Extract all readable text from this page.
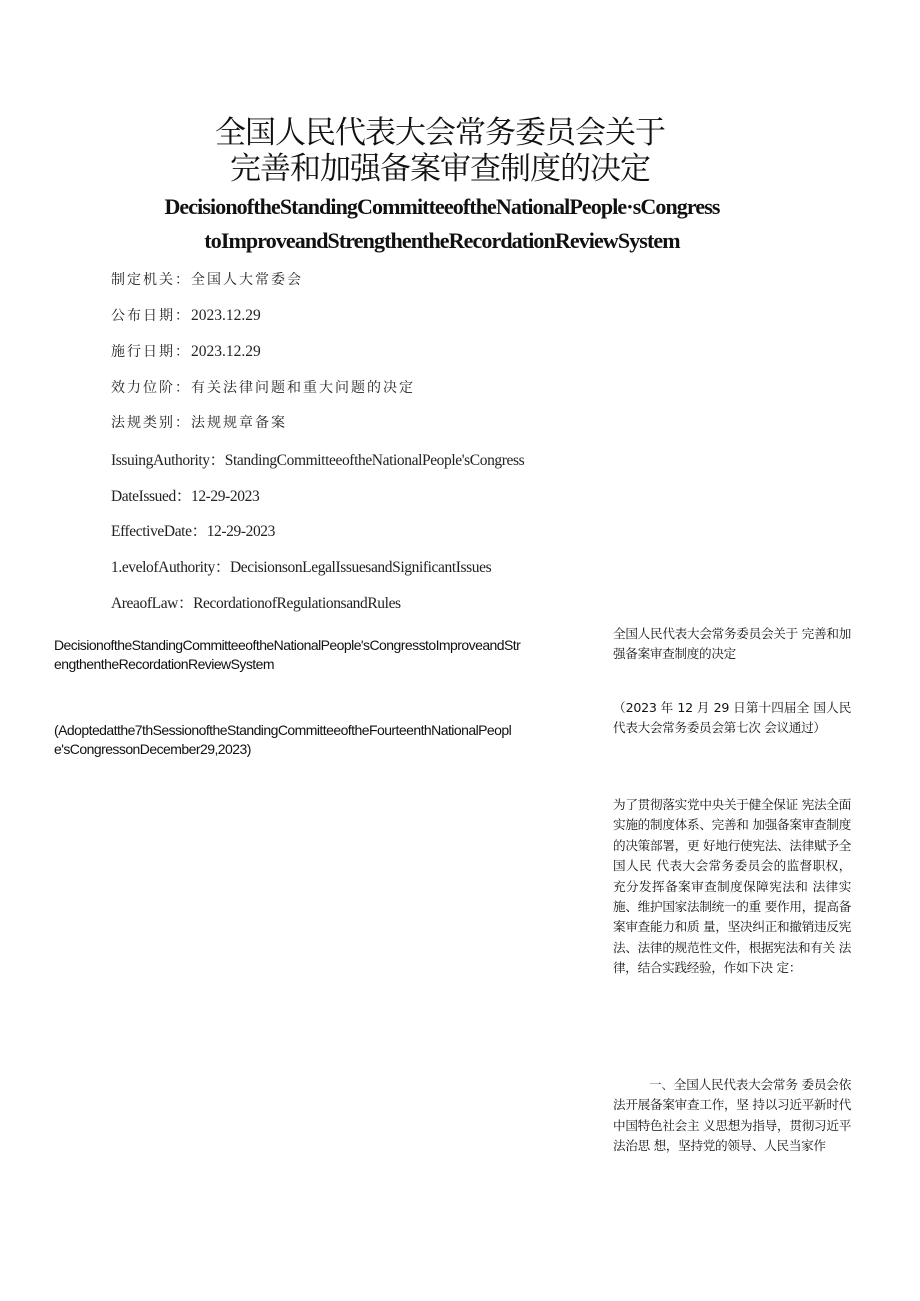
全国人民代表大会常务委员会关于
完善和加强备案审查制度的决定
DecisionoftheStandingCommitteeoftheNationalPeople·sCongress
toImproveandStrengthentheRecordationReviewSystem
制定机关：全国人大常委会
公布日期：2023.12.29
施行日期：2023.12.29
效力位阶：有关法律问题和重大问题的决定
法规类别：法规规章备案
IssuingAuthority：StandingCommitteeoftheNationalPeople'sCongress
DateIssued：12-29-2023
EffectiveDate：12-29-2023
1.evelofAuthority：DecisionsonLegalIssuesandSignificantIssues
AreaofLaw：RecordationofRegulationsandRules
DecisionoftheStandingCommitteeoftheNationalPeople'sCongresstoImproveandStrengthentheRecordationReviewSystem
(Adoptedatthe7thSessionoftheStandingCommitteeoftheFourteenthNationalPeople'sCongressonDecember29,2023)
全国人民代表大会常务委员会关于 完善和加强备案审查制度的决定
（2023 年 12 月 29 日第十四届全 国人民代表大会常务委员会第七次 会议通过）
为了贯彻落实党中央关于健全保证 宪法全面实施的制度体系、完善和 加强备案审查制度的决策部署，更 好地行使宪法、法律赋予全国人民 代表大会常务委员会的监督职权， 充分发挥备案审查制度保障宪法和 法律实施、维护国家法制统一的重 要作用，提高备案审查能力和质 量，坚决纠正和撤销违反宪法、法律的规范性文件，根据宪法和有关 法律，结合实践经验，作如下决 定：
一、全国人民代表大会常务 委员会依法开展备案审查工作，坚 持以习近平新时代中国特色社会主 义思想为指导，贯彻习近平法治思 想，坚持党的领导、人民当家作
